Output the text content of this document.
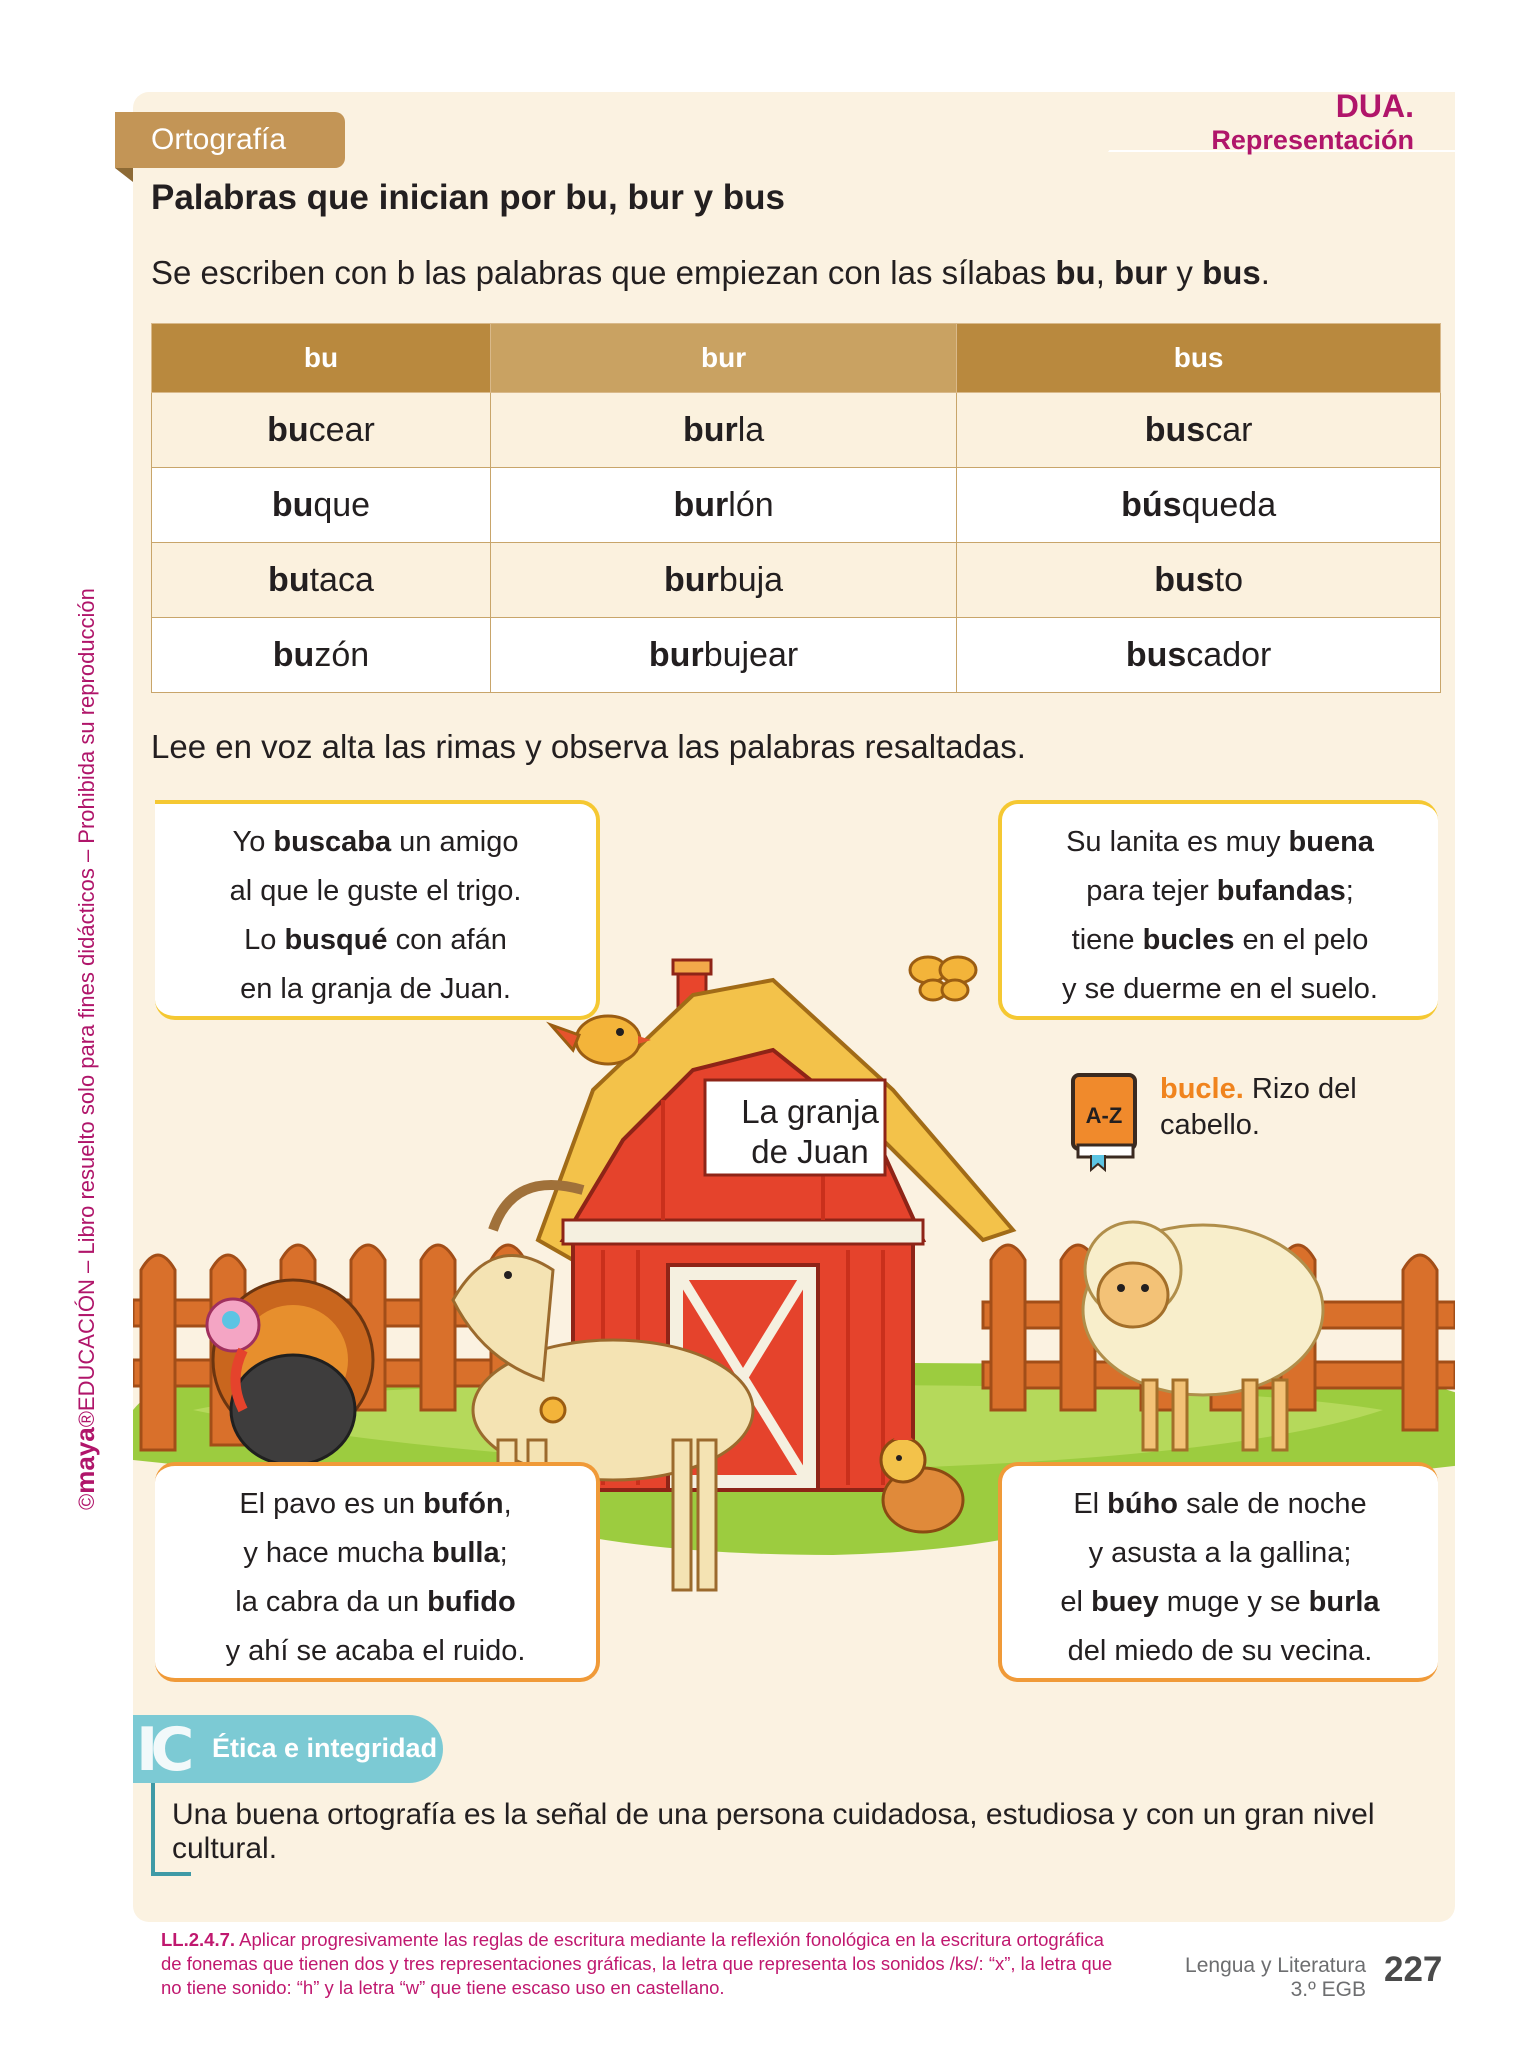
DUA.
Representación
Ortografía
Palabras que inician por bu, bur y bus

Se escriben con b las palabras que empiezan con las sílabas bu, bur y bus.

bu	bur	bus
bucear	burla	buscar
buque	burlón	búsqueda
butaca	burbuja	busto
buzón	burbujear	buscador

Lee en voz alta las rimas y observa las palabras resaltadas.

©maya®EDUCACIÓN – Libro resuelto solo para fines didácticos – Prohibida su reproducción	La granja
de Juan
A-Z
bucle. Rizo del
cabello.
Yo buscaba un amigo
al que le guste el trigo.
Lo busqué con afán
en la granja de Juan.
Su lanita es muy buena
para tejer bufandas;
tiene bucles en el pelo
y se duerme en el suelo.
El pavo es un bufón,
y hace mucha bulla;
la cabra da un bufido
y ahí se acaba el ruido.
El búho sale de noche
y asusta a la gallina;
el buey muge y se burla
del miedo de su vecina.
IC Ética e integridad
Una buena ortografía es la señal de una persona cuidadosa, estudiosa y con un gran nivel cultural.
LL.2.4.7. Aplicar progresivamente las reglas de escritura mediante la reflexión fonológica en la escritura ortográfica de fonemas que tienen dos y tres representaciones gráficas, la letra que representa los sonidos /ks/: “x”, la letra que no tiene sonido: “h” y la letra “w” que tiene escaso uso en castellano.
Lengua y Literatura
3.º EGB
227
